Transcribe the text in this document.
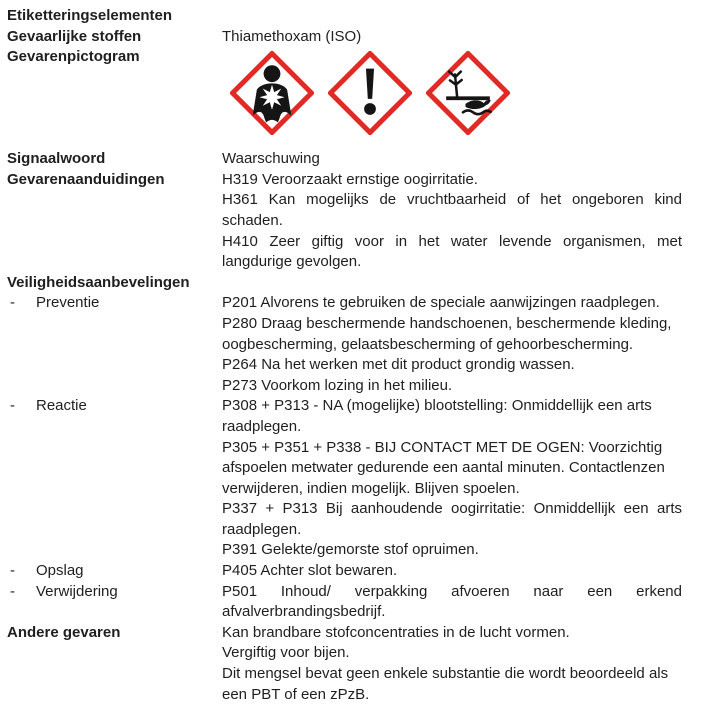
Etiketteringselementen
Gevaarlijke stoffen	Thiamethoxam (ISO)
Gevarenpictogram
Signaalwoord	Waarschuwing
Gevarenaanduidingen	H319 Veroorzaakt ernstige oogirritatie.

H361 Kan mogelijks de vruchtbaarheid of het ongeboren kind schaden.

H410 Zeer giftig voor in het water levende organismen, met langdurige gevolgen.

Veiligheidsaanbevelingen
-	Preventie	P201 Alvorens te gebruiken de speciale aanwijzingen raadplegen.

P280 Draag beschermende handschoenen, beschermende kleding, oogbescherming, gelaatsbescherming of gehoorbescherming.

P264 Na het werken met dit product grondig wassen.

P273 Voorkom lozing in het milieu.

-	Reactie	P308 + P313 - NA (mogelijke) blootstelling: Onmiddellijk een arts raadplegen.

P305 + P351 + P338 - BIJ CONTACT MET DE OGEN: Voorzichtig afspoelen metwater gedurende een aantal minuten. Contactlenzen verwijderen, indien mogelijk. Blijven spoelen.

P337 + P313 Bij aanhoudende oogirritatie: Onmiddellijk een arts raadplegen.

P391 Gelekte/gemorste stof opruimen.

-	Opslag	P405 Achter slot bewaren.

-	Verwijdering	P501 Inhoud/ verpakking afvoeren naar een erkend afvalverbrandingsbedrijf.

Andere gevaren	Kan brandbare stofconcentraties in de lucht vormen.

Vergiftig voor bijen.

Dit mengsel bevat geen enkele substantie die wordt beoordeeld als een PBT of een zPzB.
